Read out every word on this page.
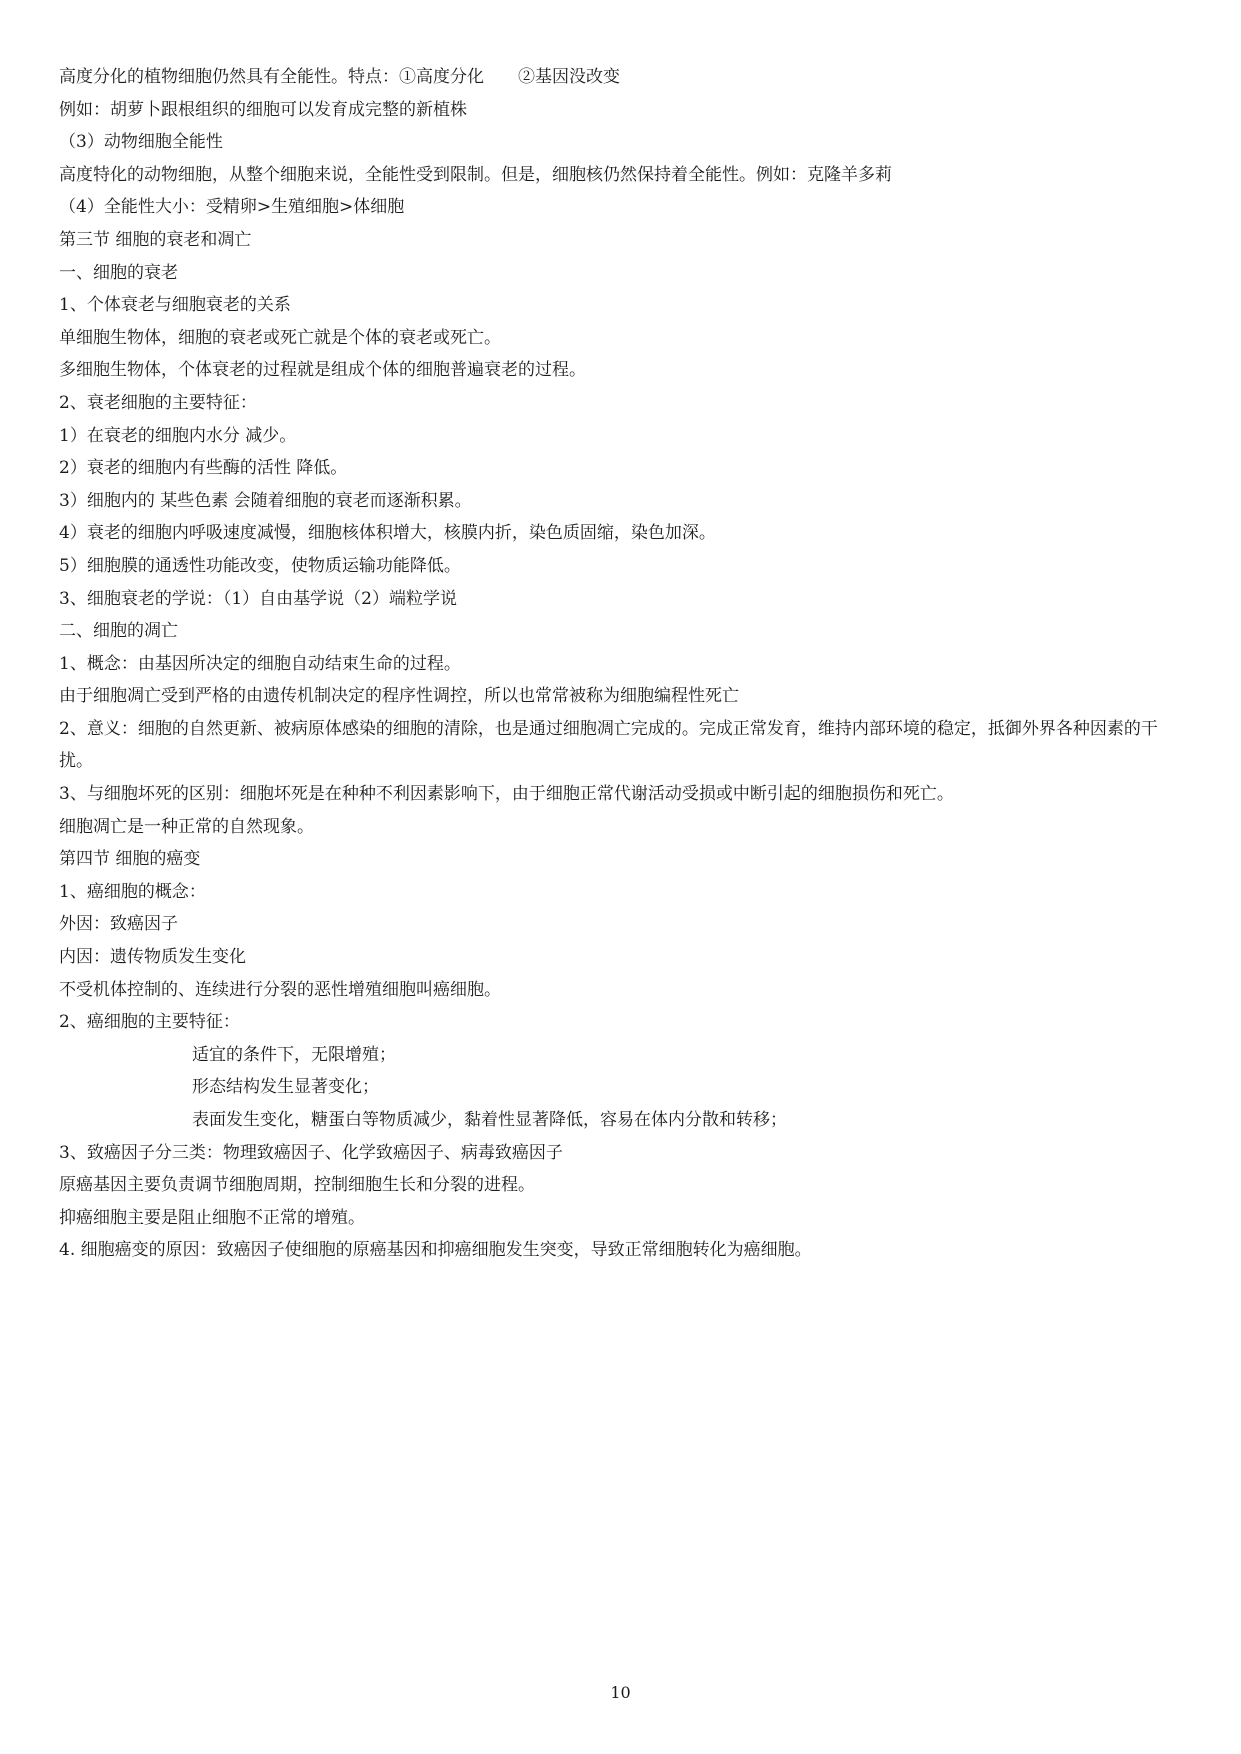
高度分化的植物细胞仍然具有全能性。特点：①高度分化　　②基因没改变
例如：胡萝卜跟根组织的细胞可以发育成完整的新植株
（3）动物细胞全能性
高度特化的动物细胞，从整个细胞来说，全能性受到限制。但是，细胞核仍然保持着全能性。例如：克隆羊多莉
（4）全能性大小：受精卵>生殖细胞>体细胞
第三节 细胞的衰老和凋亡
一、细胞的衰老
1、个体衰老与细胞衰老的关系
单细胞生物体，细胞的衰老或死亡就是个体的衰老或死亡。
多细胞生物体，个体衰老的过程就是组成个体的细胞普遍衰老的过程。
2、衰老细胞的主要特征：
1）在衰老的细胞内水分 减少。
2）衰老的细胞内有些酶的活性 降低。
3）细胞内的 某些色素 会随着细胞的衰老而逐渐积累。
4）衰老的细胞内呼吸速度减慢，细胞核体积增大，核膜内折，染色质固缩，染色加深。
5）细胞膜的通透性功能改变，使物质运输功能降低。
3、细胞衰老的学说：（1）自由基学说（2）端粒学说
二、细胞的凋亡
1、概念：由基因所决定的细胞自动结束生命的过程。
由于细胞凋亡受到严格的由遗传机制决定的程序性调控，所以也常常被称为细胞编程性死亡
2、意义：细胞的自然更新、被病原体感染的细胞的清除，也是通过细胞凋亡完成的。完成正常发育，维持内部环境的稳定，抵御外界各种因素的干扰。
3、与细胞坏死的区别：细胞坏死是在种种不利因素影响下，由于细胞正常代谢活动受损或中断引起的细胞损伤和死亡。
细胞凋亡是一种正常的自然现象。
第四节 细胞的癌变
1、癌细胞的概念：
外因：致癌因子
内因：遗传物质发生变化
不受机体控制的、连续进行分裂的恶性增殖细胞叫癌细胞。
2、癌细胞的主要特征：
适宜的条件下，无限增殖；
形态结构发生显著变化；
表面发生变化，糖蛋白等物质减少，黏着性显著降低，容易在体内分散和转移；
3、致癌因子分三类：物理致癌因子、化学致癌因子、病毒致癌因子
原癌基因主要负责调节细胞周期，控制细胞生长和分裂的进程。
抑癌细胞主要是阻止细胞不正常的增殖。
4. 细胞癌变的原因：致癌因子使细胞的原癌基因和抑癌细胞发生突变，导致正常细胞转化为癌细胞。
10
